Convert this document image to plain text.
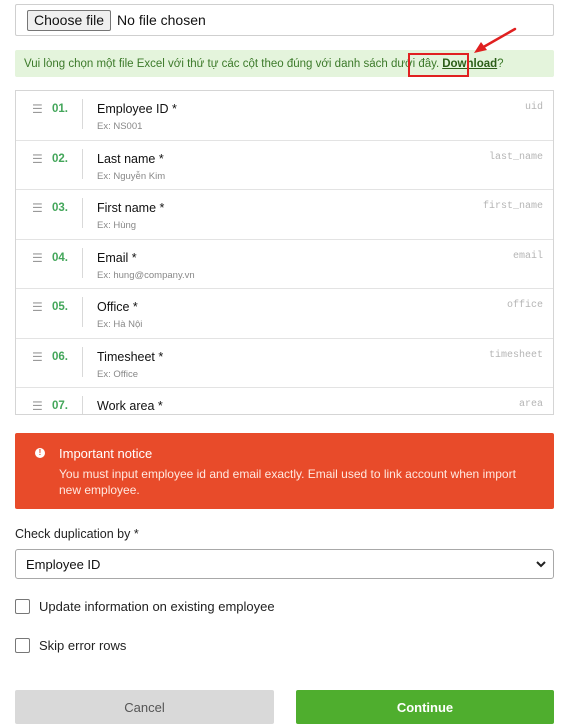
Choose file No file chosen
Vui lòng chọn một file Excel với thứ tự các cột theo đúng với danh sách dưới đây. Download ?
☰ 01. Employee ID *
Ex: NS001
uid
☰ 02. Last name *
Ex: Nguyễn Kim
last_name
☰ 03. First name *
Ex: Hùng
first_name
☰ 04. Email *
Ex: hung@company.vn
email
☰ 05. Office *
Ex: Hà Nội
office
☰ 06. Timesheet *
Ex: Office
timesheet
☰ 07. Work area *	area
! Important notice
You must input employee id and email exactly. Email used to link account when import new employee.
Check duplication by *
Employee ID
Update information on existing employee
Skip error rows
Cancel	Continue
